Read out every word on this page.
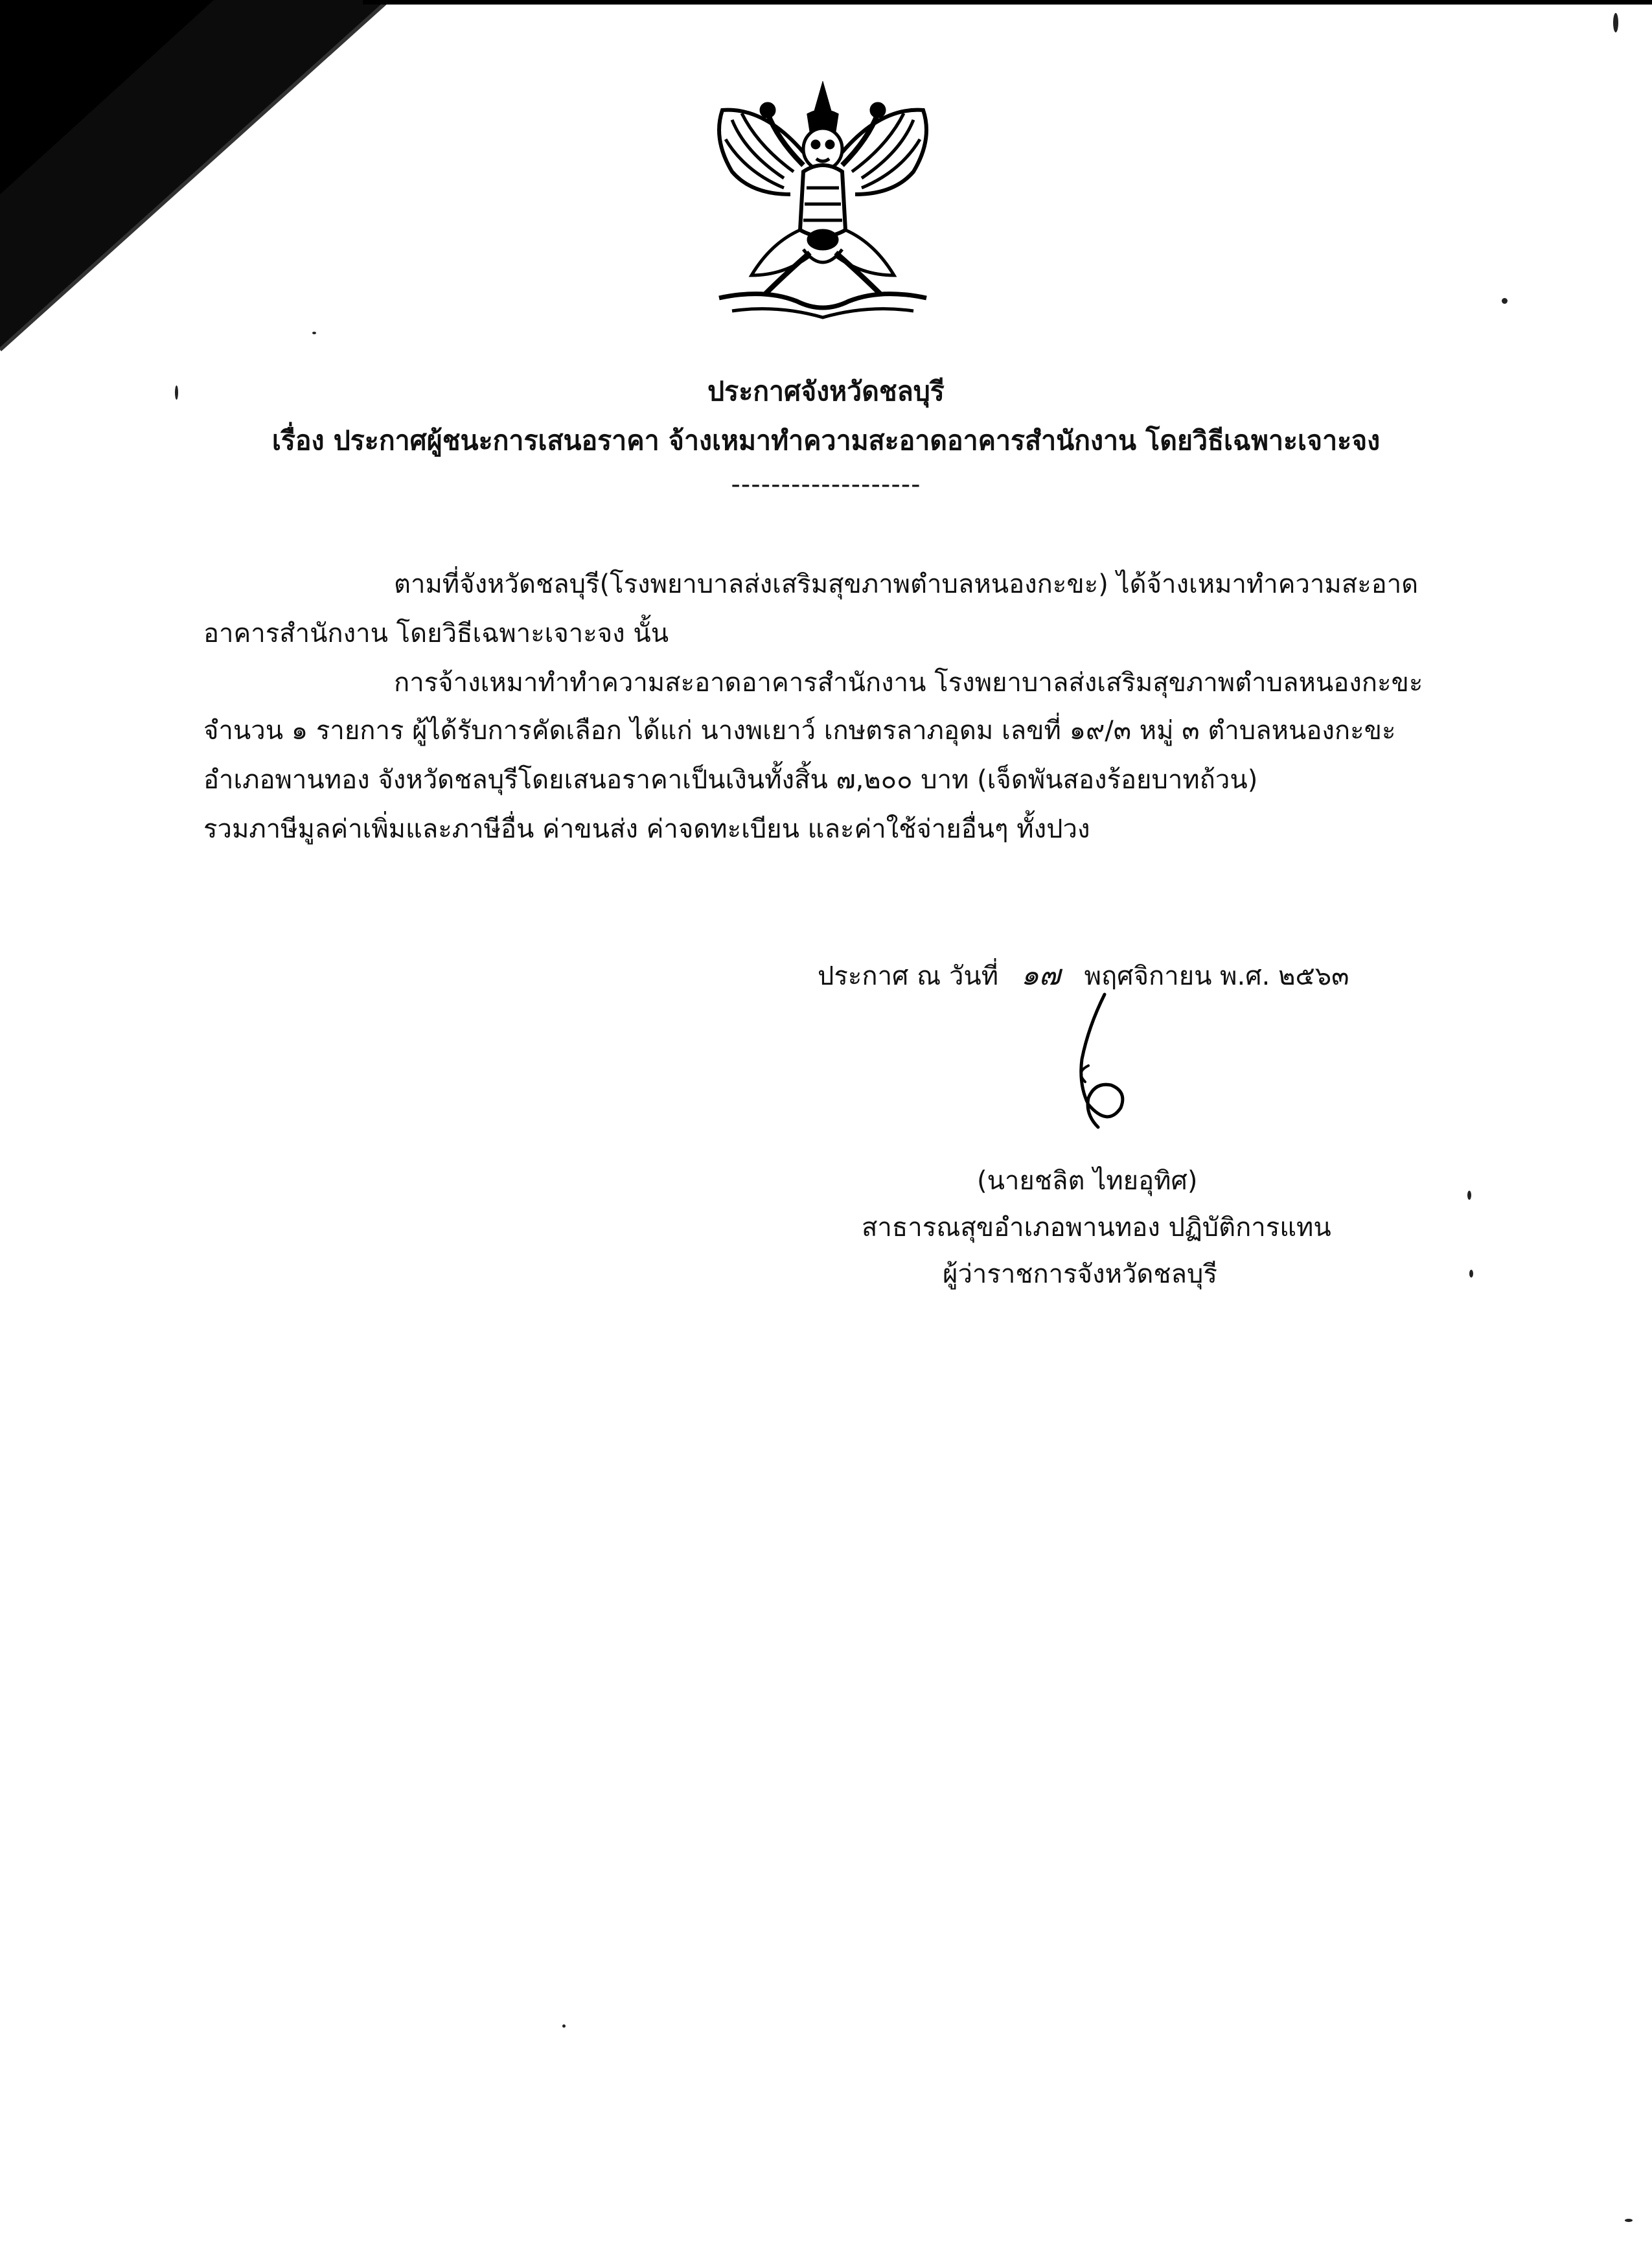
ประกาศจังหวัดชลบุรี
เรื่อง ประกาศผู้ชนะการเสนอราคา จ้างเหมาทำความสะอาดอาคารสำนักงาน โดยวิธีเฉพาะเจาะจง
-------------------
ตามที่จังหวัดชลบุรี(โรงพยาบาลส่งเสริมสุขภาพตำบลหนองกะขะ) ได้จ้างเหมาทำความสะอาด
อาคารสำนักงาน โดยวิธีเฉพาะเจาะจง นั้น
การจ้างเหมาทำทำความสะอาดอาคารสำนักงาน โรงพยาบาลส่งเสริมสุขภาพตำบลหนองกะขะ
จำนวน ๑ รายการ ผู้ได้รับการคัดเลือก ได้แก่ นางพเยาว์ เกษตรลาภอุดม เลขที่ ๑๙/๓ หมู่ ๓ ตำบลหนองกะขะ
อำเภอพานทอง จังหวัดชลบุรีโดยเสนอราคาเป็นเงินทั้งสิ้น ๗,๒๐๐ บาท (เจ็ดพันสองร้อยบาทถ้วน)
รวมภาษีมูลค่าเพิ่มและภาษีอื่น ค่าขนส่ง ค่าจดทะเบียน และค่าใช้จ่ายอื่นๆ ทั้งปวง
ประกาศ ณ วันที่ ๑๗ พฤศจิกายน พ.ศ. ๒๕๖๓
(นายชลิต ไทยอุทิศ)
สาธารณสุขอำเภอพานทอง ปฏิบัติการแทน
ผู้ว่าราชการจังหวัดชลบุรี
